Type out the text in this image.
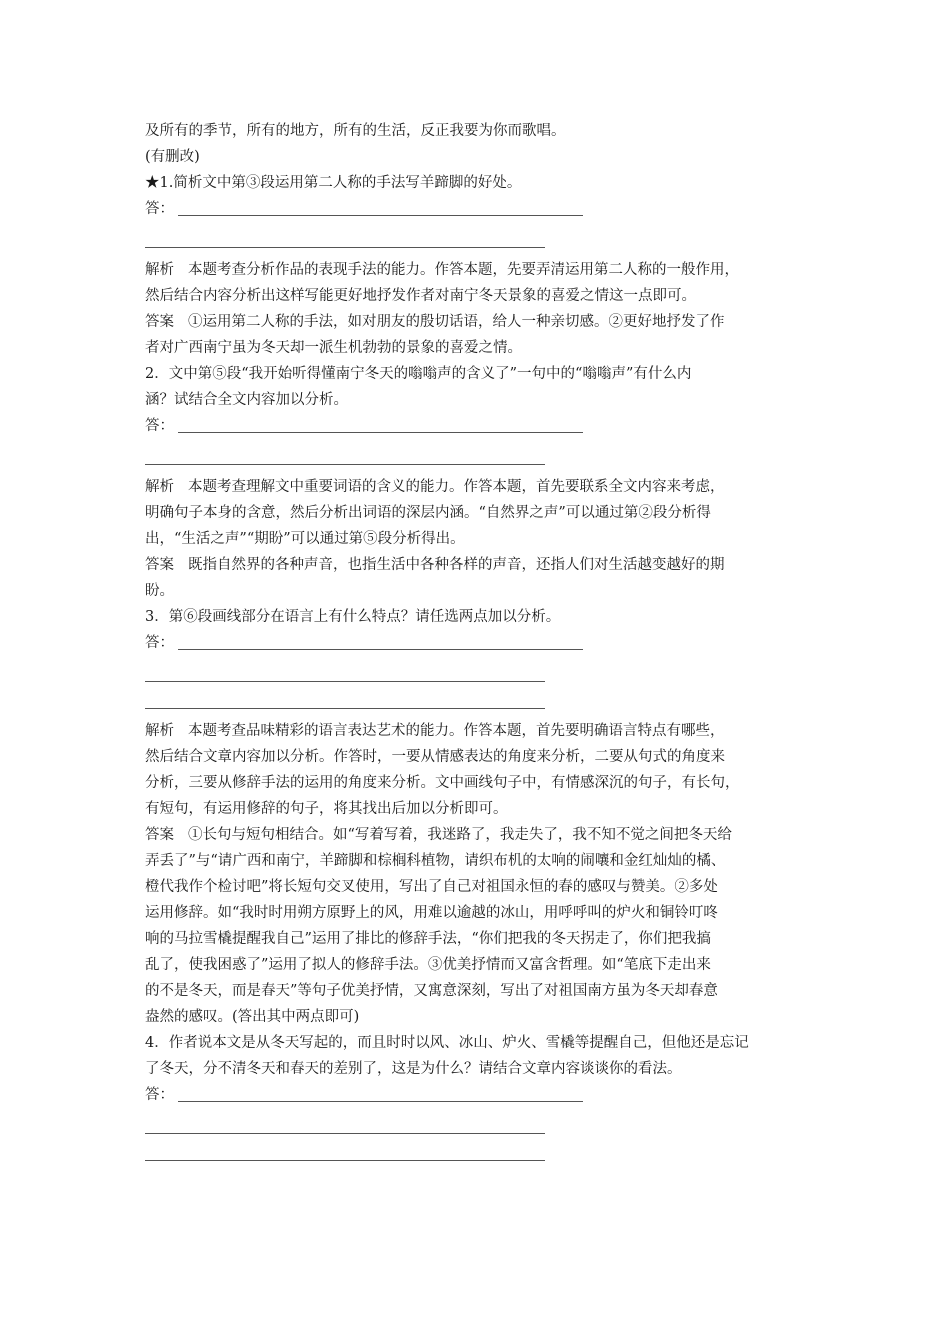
及所有的季节，所有的地方，所有的生活，反正我要为你而歌唱。
(有删改)
★1.简析文中第③段运用第二人称的手法写羊蹄脚的好处。
答：
解析 本题考查分析作品的表现手法的能力。作答本题，先要弄清运用第二人称的一般作用，
然后结合内容分析出这样写能更好地抒发作者对南宁冬天景象的喜爱之情这一点即可。
答案 ①运用第二人称的手法，如对朋友的殷切话语，给人一种亲切感。②更好地抒发了作
者对广西南宁虽为冬天却一派生机勃勃的景象的喜爱之情。
2．文中第⑤段“我开始听得懂南宁冬天的嗡嗡声的含义了”一句中的“嗡嗡声”有什么内
涵？试结合全文内容加以分析。
答：
解析 本题考查理解文中重要词语的含义的能力。作答本题，首先要联系全文内容来考虑，
明确句子本身的含意，然后分析出词语的深层内涵。“自然界之声”可以通过第②段分析得
出，“生活之声”“期盼”可以通过第⑤段分析得出。
答案 既指自然界的各种声音，也指生活中各种各样的声音，还指人们对生活越变越好的期
盼。
3．第⑥段画线部分在语言上有什么特点？请任选两点加以分析。
答：
解析 本题考查品味精彩的语言表达艺术的能力。作答本题，首先要明确语言特点有哪些，
然后结合文章内容加以分析。作答时，一要从情感表达的角度来分析，二要从句式的角度来
分析，三要从修辞手法的运用的角度来分析。文中画线句子中，有情感深沉的句子，有长句，
有短句，有运用修辞的句子，将其找出后加以分析即可。
答案 ①长句与短句相结合。如“写着写着，我迷路了，我走失了，我不知不觉之间把冬天给
弄丢了”与“请广西和南宁，羊蹄脚和棕榈科植物，请织布机的太响的闹嚷和金红灿灿的橘、
橙代我作个检讨吧”将长短句交叉使用，写出了自己对祖国永恒的春的感叹与赞美。②多处
运用修辞。如“我时时用朔方原野上的风，用难以逾越的冰山，用呼呼叫的炉火和铜铃叮咚
响的马拉雪橇提醒我自己”运用了排比的修辞手法，“你们把我的冬天拐走了，你们把我搞
乱了，使我困惑了”运用了拟人的修辞手法。③优美抒情而又富含哲理。如“笔底下走出来
的不是冬天，而是春天”等句子优美抒情，又寓意深刻，写出了对祖国南方虽为冬天却春意
盎然的感叹。(答出其中两点即可)
4．作者说本文是从冬天写起的，而且时时以风、冰山、炉火、雪橇等提醒自己，但他还是忘记
了冬天，分不清冬天和春天的差别了，这是为什么？请结合文章内容谈谈你的看法。
答：
